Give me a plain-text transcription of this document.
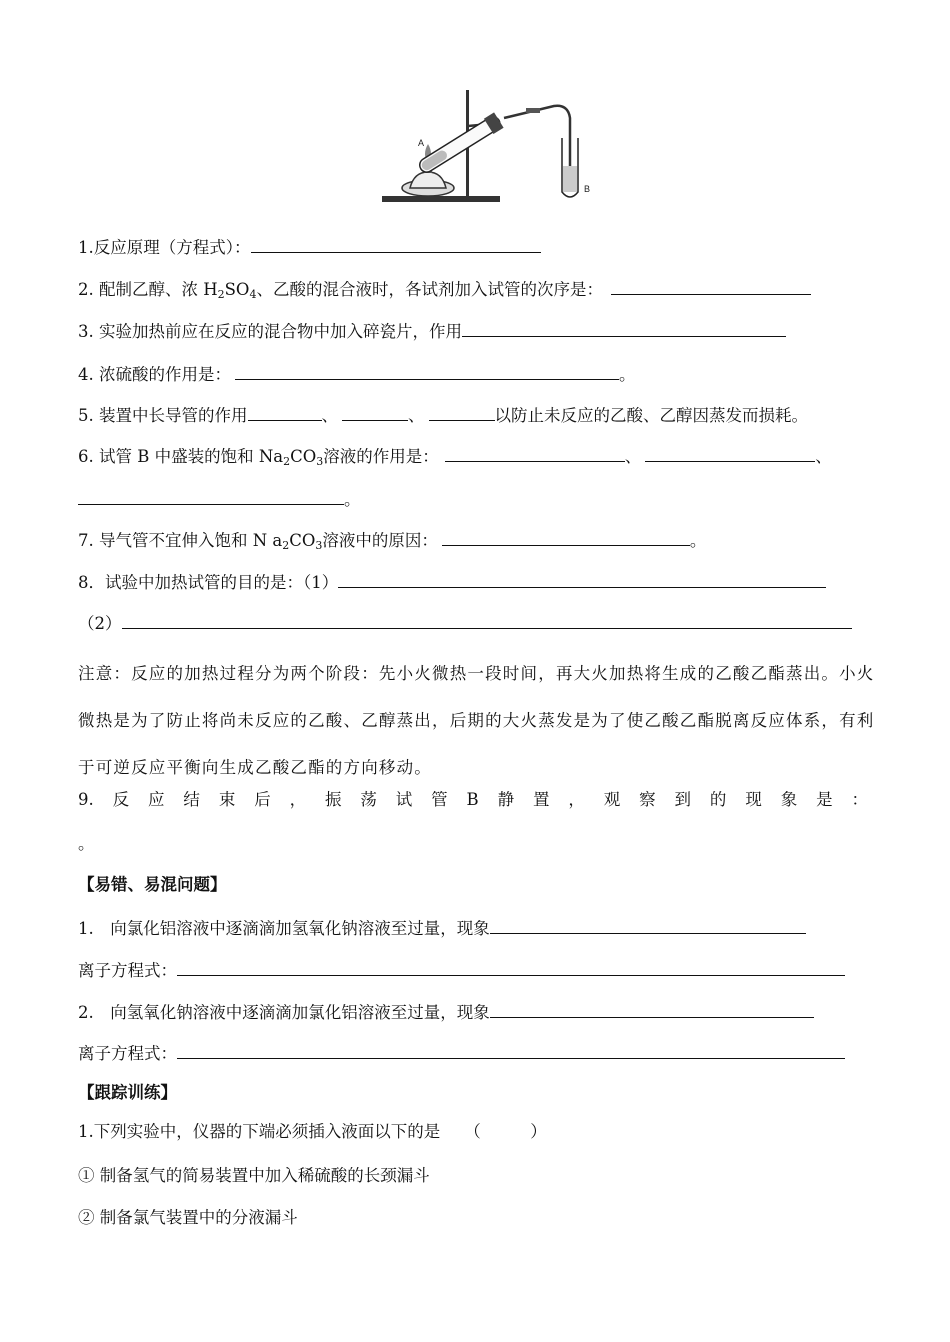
A
B
1.反应原理（方程式）：
2. 配制乙醇、浓 $H_2SO_4$、乙酸的混合液时，各试剂加入试管的次序是：
3. 实验加热前应在反应的混合物中加入碎瓷片，作用
4. 浓硫酸的作用是：	。
5. 装置中长导管的作用	、	、	以防止未反应的乙酸、乙醇因蒸发而损耗。
6. 试管 B 中盛装的饱和 $Na_2CO_3$溶液的作用是：	、	、
。
7. 导气管不宜伸入饱和 N $a_2CO_3$溶液中的原因：	。
8．试验中加热试管的目的是：（1）
（2）
注意：反应的加热过程分为两个阶段：先小火微热一段时间，再大火加热将生成的乙酸乙酯蒸出。小火微热是为了防止将尚未反应的乙酸、乙醇蒸出，后期的大火蒸发是为了使乙酸乙酯脱离反应体系，有利于可逆反应平衡向生成乙酸乙酯的方向移动。
9. 反 应 结 束 后 ， 振 荡 试 管 B 静 置 ， 观 察 到 的 现 象 是 ：
。
【易错、易混问题】
1.　向氯化铝溶液中逐滴滴加氢氧化钠溶液至过量，现象
离子方程式：
2.　向氢氧化钠溶液中逐滴滴加氯化铝溶液至过量，现象
离子方程式：
【跟踪训练】
1.下列实验中，仪器的下端必须插入液面以下的是 （　　　）
① 制备氢气的简易装置中加入稀硫酸的长颈漏斗
② 制备氯气装置中的分液漏斗
